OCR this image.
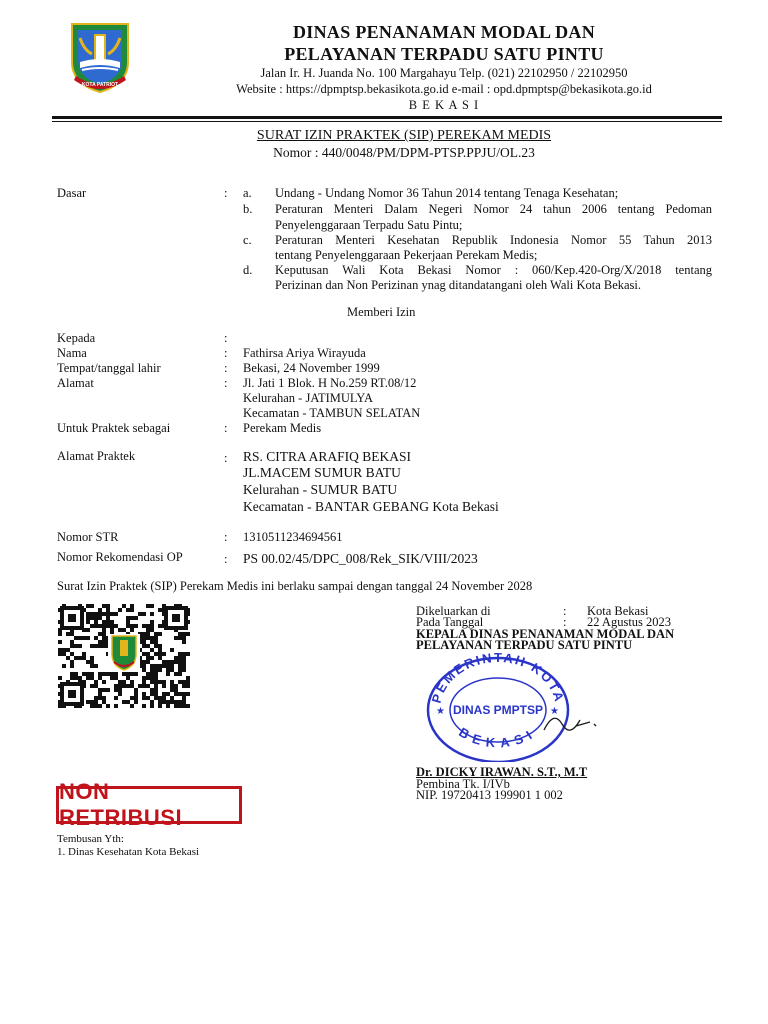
KOTA PATRIOT
DINAS PENANAMAN MODAL DAN
PELAYANAN TERPADU SATU PINTU
Jalan Ir. H. Juanda No. 100 Margahayu Telp. (021) 22102950 / 22102950
Website : https://dpmptsp.bekasikota.go.id e-mail : opd.dpmptsp@bekasikota.go.id
B E K A S I
SURAT IZIN PRAKTEK (SIP) PEREKAM MEDIS
Nomor : 440/0048/PM/DPM-PTSP.PPJU/OL.23
Dasar	: a. Undang - Undang Nomor 36 Tahun 2014 tentang Tenaga Kesehatan;
b. Peraturan Menteri Dalam Negeri Nomor 24 tahun 2006 tentang Pedoman
Penyelenggaraan Terpadu Satu Pintu;
c. Peraturan Menteri Kesehatan Republik Indonesia Nomor 55 Tahun 2013
tentang Penyelenggaraan Pekerjaan Perekam Medis;
d. Keputusan Wali Kota Bekasi Nomor : 060/Kep.420-Org/X/2018 tentang
Perizinan dan Non Perizinan ynag ditandatangani oleh Wali Kota Bekasi.
Memberi Izin
Kepada	:
Nama	: Fathirsa Ariya Wirayuda
Tempat/tanggal lahir	: Bekasi, 24 November 1999
Alamat	: Jl. Jati 1 Blok. H No.259 RT.08/12
Kelurahan - JATIMULYA
Kecamatan - TAMBUN SELATAN
Untuk Praktek sebagai	: Perekam Medis
Alamat Praktek	: RS. CITRA ARAFIQ BEKASI
JL.MACEM SUMUR BATU
Kelurahan - SUMUR BATU
Kecamatan - BANTAR GEBANG Kota Bekasi
Nomor STR	: 1310511234694561
Nomor Rekomendasi OP	: PS 00.02/45/DPC_008/Rek_SIK/VIII/2023
Surat Izin Praktek (SIP) Perekam Medis ini berlaku sampai dengan tanggal 24 November 2028
Dikeluarkan di	: Kota Bekasi
Pada Tanggal	: 22 Agustus 2023
KEPALA DINAS PENANAMAN MODAL DAN
PELAYANAN TERPADU SATU PINTU
PEMERINTAH KOTA
BEKASI
DINAS PMPTSP
★	★
Dr. DICKY IRAWAN. S.T., M.T
Pembina Tk. I/IVb
NIP. 19720413 199901 1 002
NON RETRIBUSI
Tembusan Yth:
1. Dinas Kesehatan Kota Bekasi
